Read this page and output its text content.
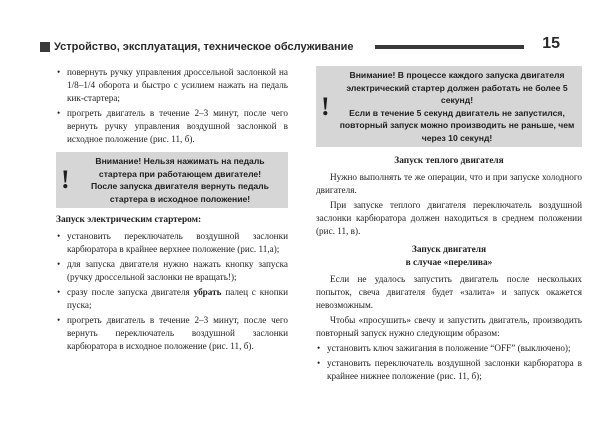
Устройство, эксплуатация, техническое обслуживание	15
• повернуть ручку управления дроссельной заслонкой на 1/8–1/4 оборота и быстро с усилием нажать на педаль кик-стартера;
• прогреть двигатель в течение 2–3 минут, после чего вернуть ручку управления воздушной заслонкой в исходное положение (рис. 11, б).
!

Внимание! Нельзя нажимать на педаль стартера при работающем двигателе!

После запуска двигателя вернуть педаль стартера в исходное положение!

Запуск электрическим стартером:
• установить переключатель воздушной заслонки карбюратора в крайнее верхнее положение (рис. 11,а);
• для запуска двигателя нужно нажать кнопку запуска (ручку дроссельной заслонки не вращать!);
• сразу после запуска двигателя убрать палец с кнопки пуска;
• прогреть двигатель в течение 2–3 минут, после чего вернуть переключатель воздушной заслонки карбюратора в исходное положение (рис. 11, б).
!

Внимание! В процессе каждого запуска двигателя электрический стартер должен работать не более 5 секунд!

Если в течение 5 секунд двигатель не запустился, повторный запуск можно производить не раньше, чем через 10 секунд!

Запуск теплого двигателя

Нужно выполнять те же операции, что и при запуске холодного двигателя.

При запуске теплого двигателя переключатель воздушной заслонки карбюратора должен находиться в среднем положении (рис. 11, в).

Запуск двигателя
в случае «перелива»

Если не удалось запустить двигатель после нескольких попыток, свеча двигателя будет «залита» и запуск окажется невозможным.

Чтобы «просушить» свечу и запустить двигатель, производить повторный запуск нужно следующим образом:

• установить ключ зажигания в положение “OFF” (выключено);
• установить переключатель воздушной заслонки карбюратора в крайнее нижнее положение (рис. 11, б);
